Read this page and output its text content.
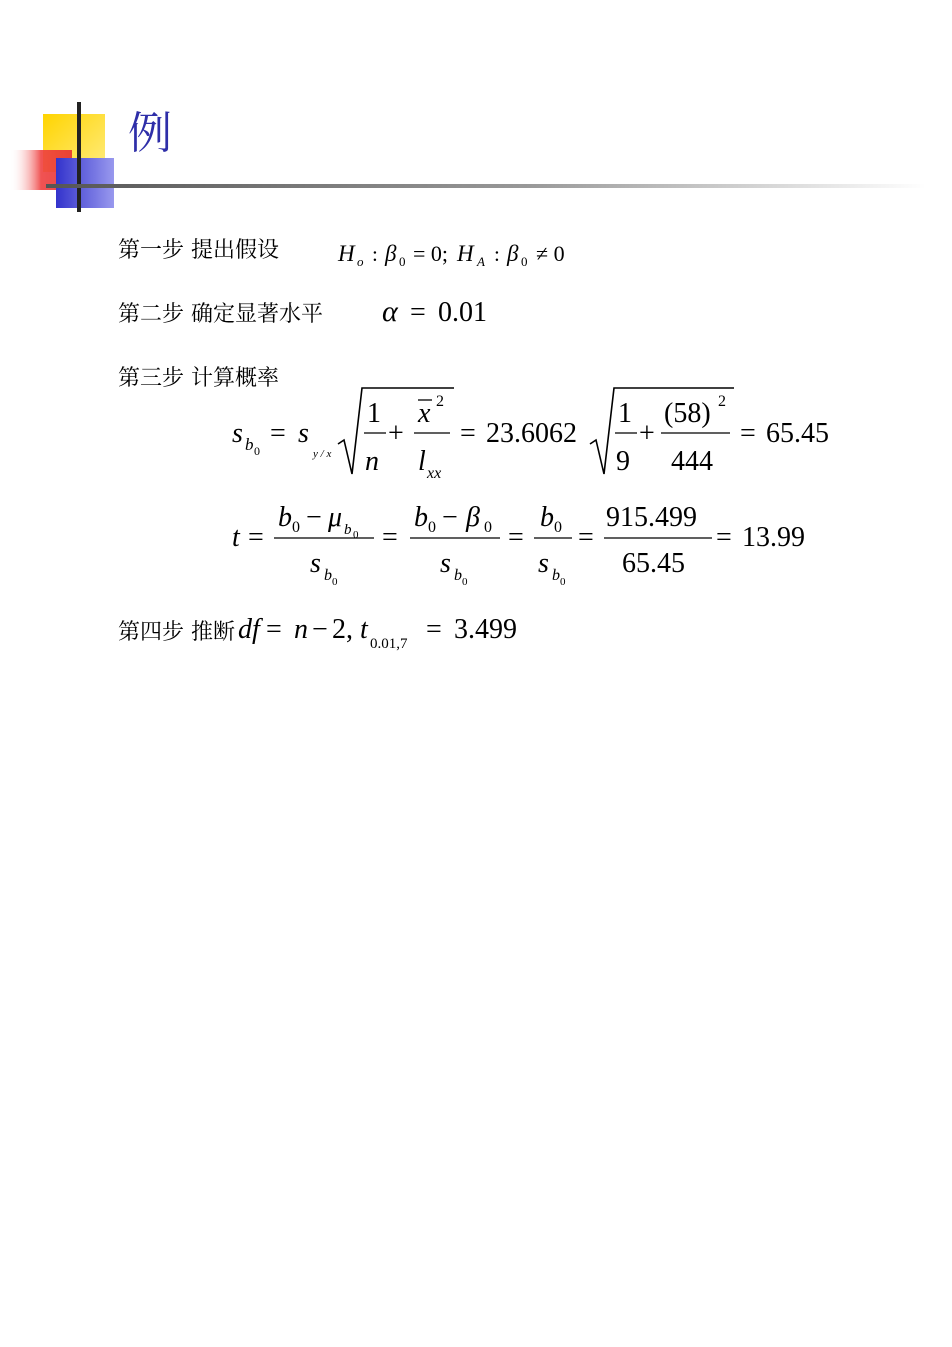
例
第一步 提出假设	H o : β 0 = 0; H A : β 0 ≠ 0
第二步 确定显著水平 α = 0.01
第三步 计算概率
s b 0
= s
y / x
1
n
+
x 2
l xx
= 23.6062
1
9
+
(58) 2
444
= 65.45
t =
b 0 − μ b 0
s b 0
=
b 0 − β 0
s b 0
=
b 0
s b 0
=
915.499
65.45
= 13.99
第四步 推断 df = n − 2, t 0.01,7 = 3.499
